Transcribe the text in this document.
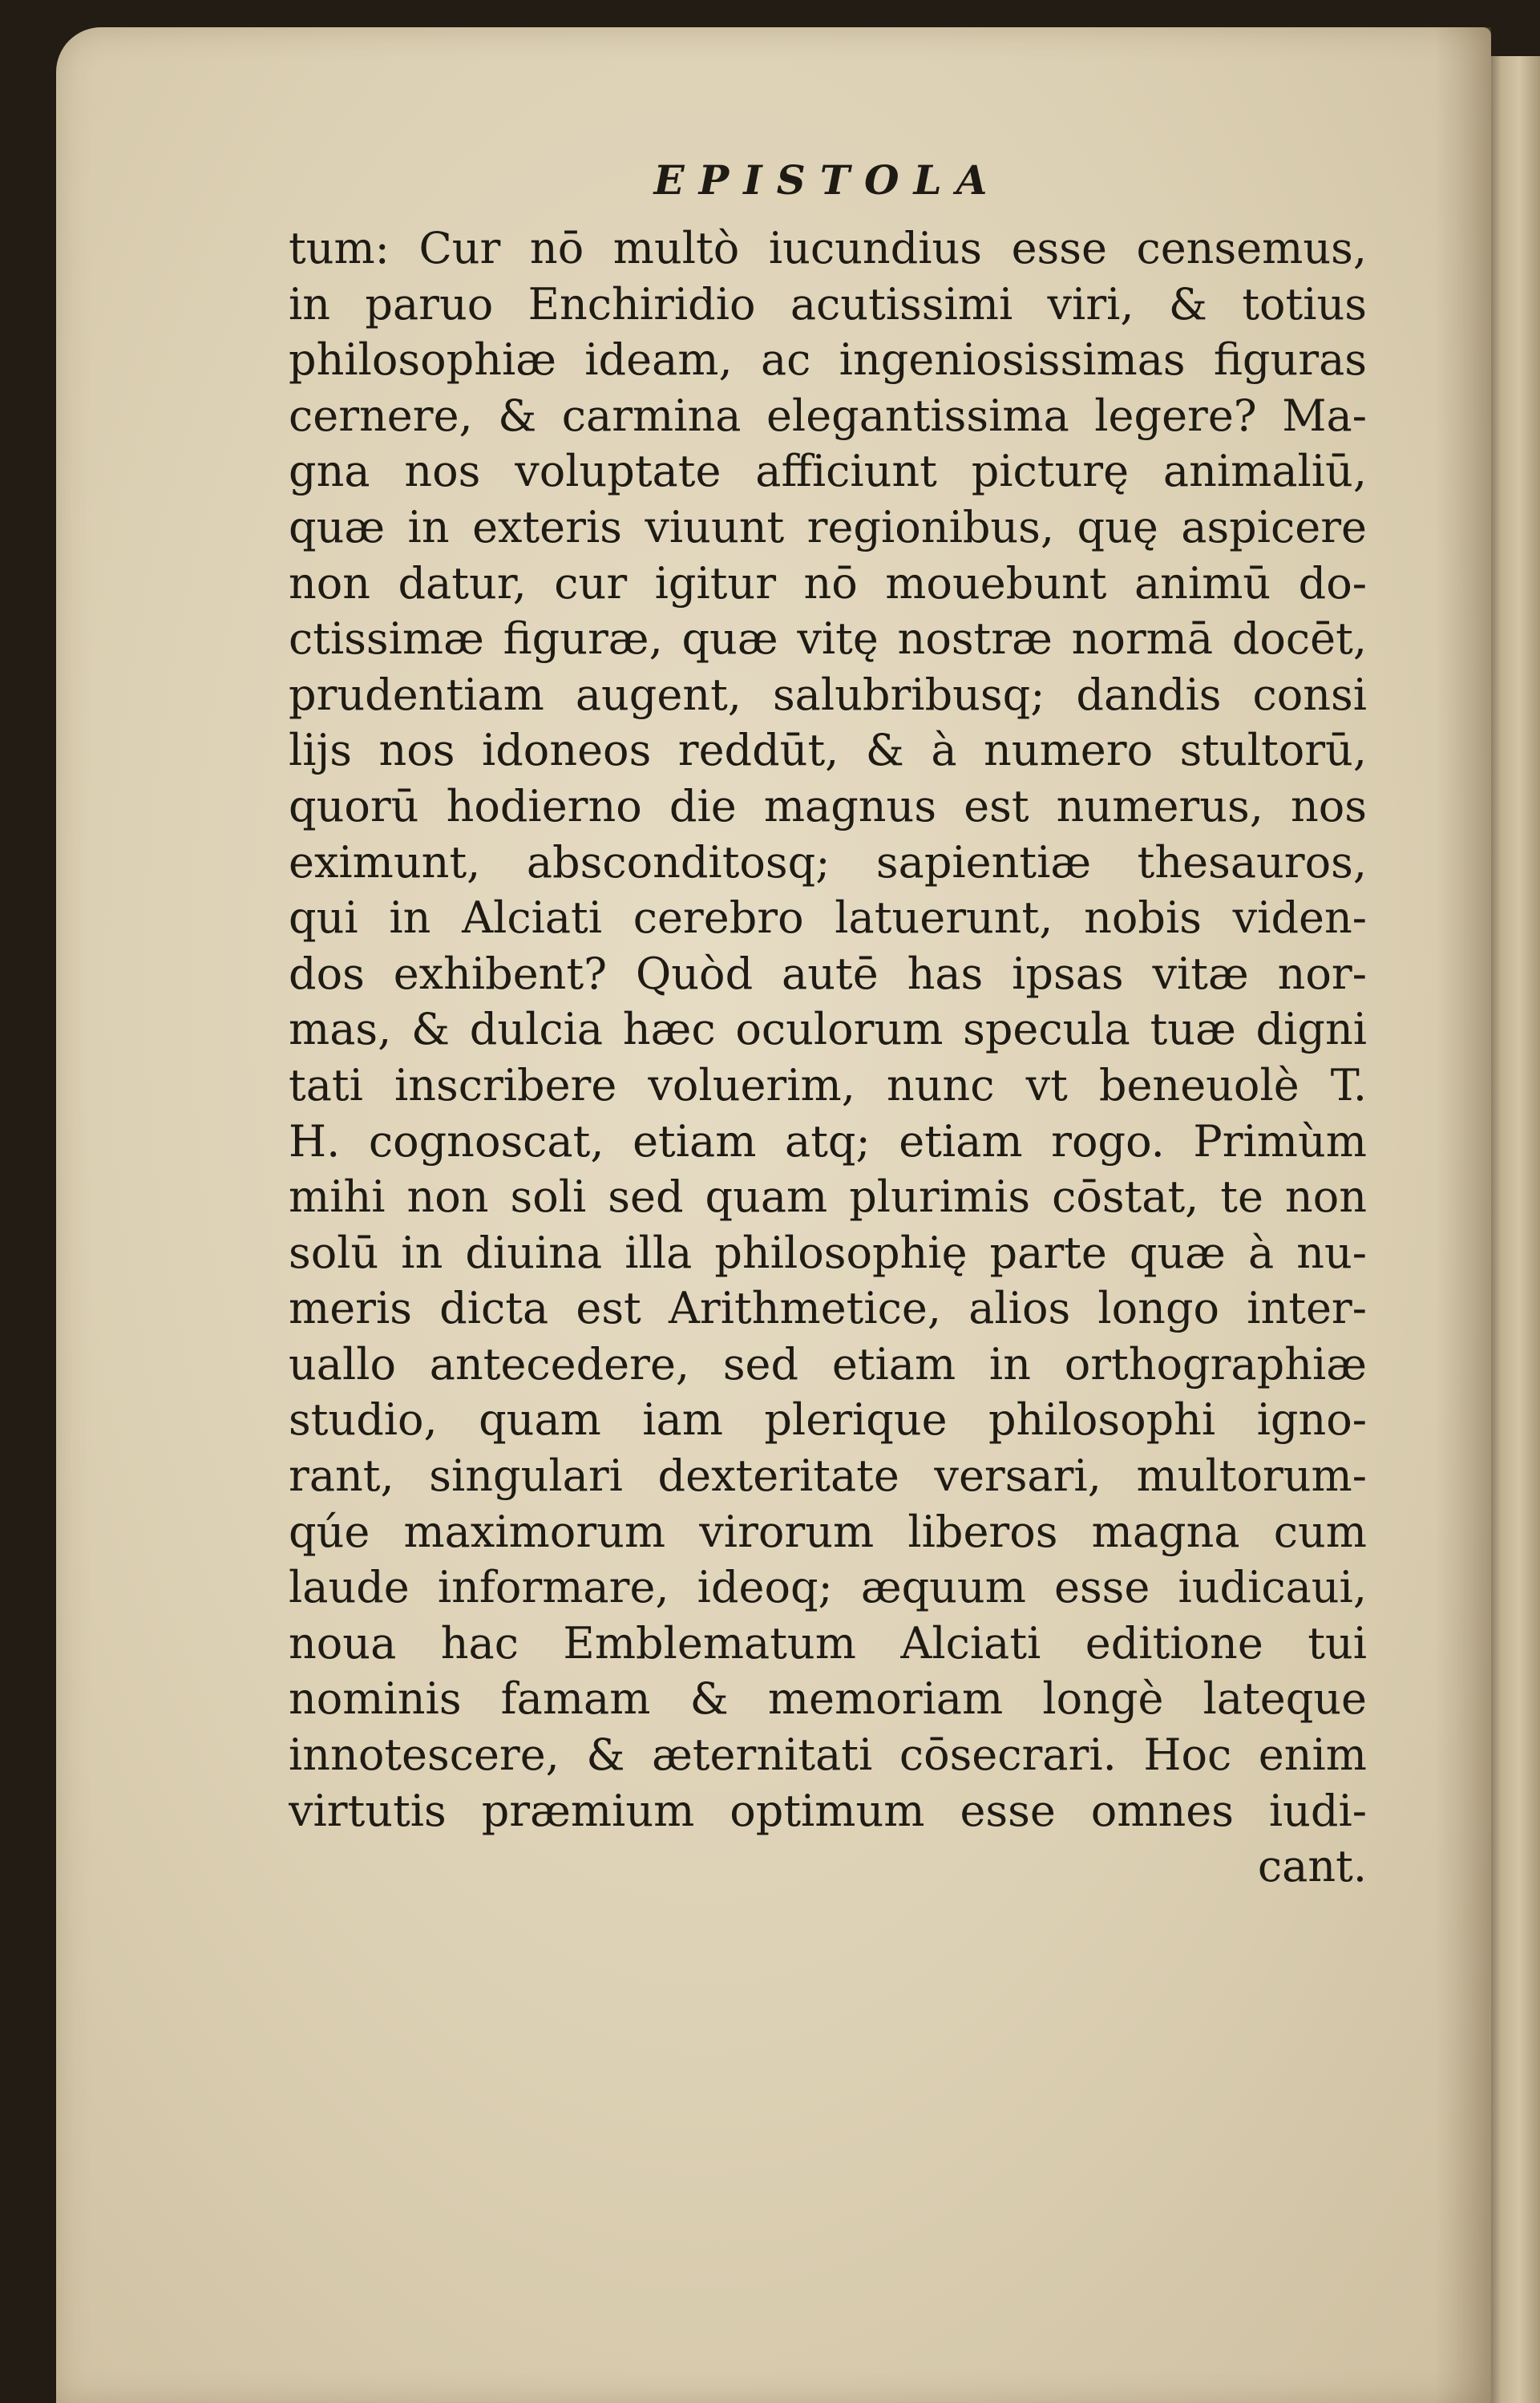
EPISTOLA
tum: Cur nō multò iucundius esse censemus,
in paruo Enchiridio acutissimi viri, & totius
philosophiæ ideam, ac ingeniosissimas figuras
cernere, & carmina elegantissima legere? Ma-
gna nos voluptate afficiunt picturę animaliū,
quæ in exteris viuunt regionibus, quę aspicere
non datur, cur igitur nō mouebunt animū do-
ctissimæ figuræ, quæ vitę nostræ normā docēt,
prudentiam augent, salubribusq; dandis consi
lijs nos idoneos reddūt, & à numero stultorū,
quorū hodierno die magnus est numerus, nos
eximunt, absconditosq; sapientiæ thesauros,
qui in Alciati cerebro latuerunt, nobis viden-
dos exhibent? Quòd autē has ipsas vitæ nor-
mas, & dulcia hæc oculorum specula tuæ digni
tati inscribere voluerim, nunc vt beneuolè T.
H. cognoscat, etiam atq; etiam rogo. Primùm
mihi non soli sed quam plurimis cōstat, te non
solū in diuina illa philosophię parte quæ à nu-
meris dicta est Arithmetice, alios longo inter-
uallo antecedere, sed etiam in orthographiæ
studio, quam iam plerique philosophi igno-
rant, singulari dexteritate versari, multorum-
qúe maximorum virorum liberos magna cum
laude informare, ideoq; æquum esse iudicaui,
noua hac Emblematum Alciati editione tui
nominis famam & memoriam longè lateque
innotescere, & æternitati cōsecrari. Hoc enim
virtutis præmium optimum esse omnes iudi-
cant.
